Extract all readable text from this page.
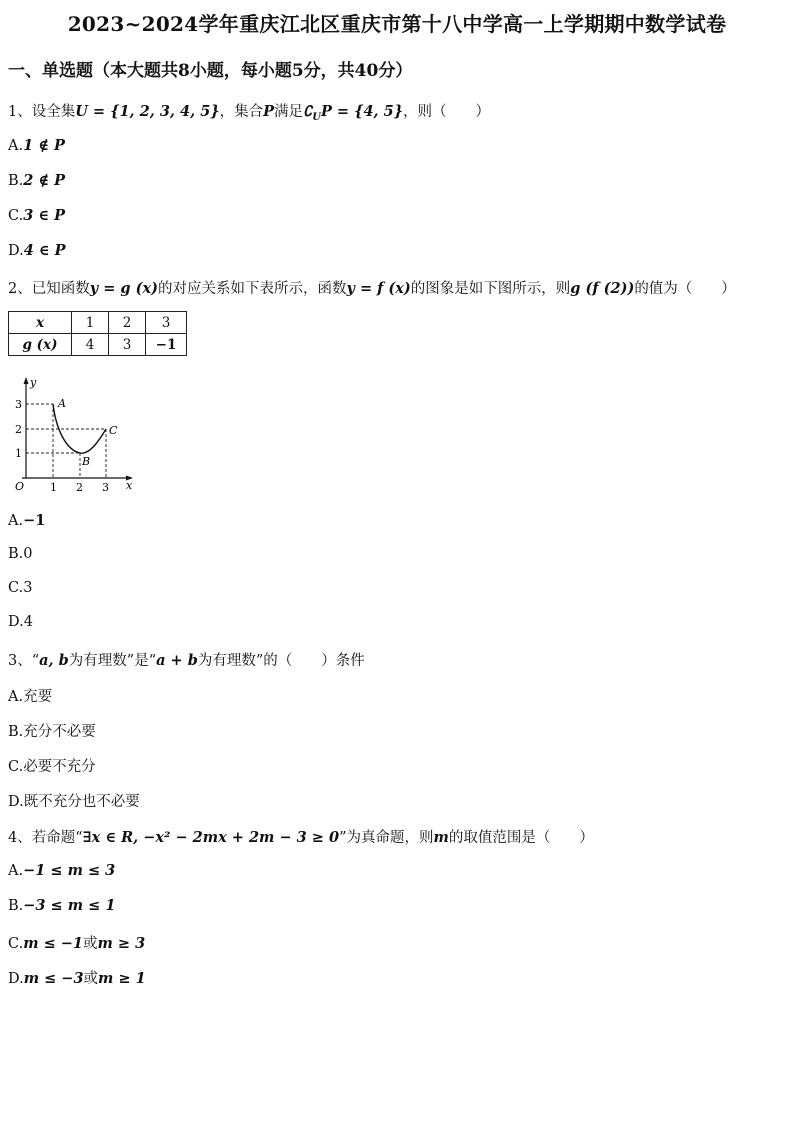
2023~2024学年重庆江北区重庆市第十八中学高一上学期期中数学试卷
一、单选题（本大题共8小题，每小题5分，共40分）
1、设全集U = {1, 2, 3, 4, 5}，集合P满足$∁_UP = \{4$, 5}，则（　　）
A.1 ∉ P
B.2 ∉ P
C.3 ∈ P
D.4 ∈ P
2、已知函数y = g (x)的对应关系如下表所示，函数y = f (x)的图象是如下图所示，则g (f (2))的值为（　　）
x	1	2	3
g (x)	4	3	−1
y
x
O 1 2 3
1
2
3	A
B
C
A.−1
B.0
C.3
D.4
3、“a, b为有理数”是“a + b为有理数”的（　　）条件
A.充要
B.充分不必要
C.必要不充分
D.既不充分也不必要
4、若命题“∃x ∈ R, −x² − 2mx + 2m − 3 ≥ 0”为真命题，则m的取值范围是（　　）
A.−1 ≤ m ≤ 3
B.−3 ≤ m ≤ 1
C.m ≤ −1或m ≥ 3
D.m ≤ −3或m ≥ 1
